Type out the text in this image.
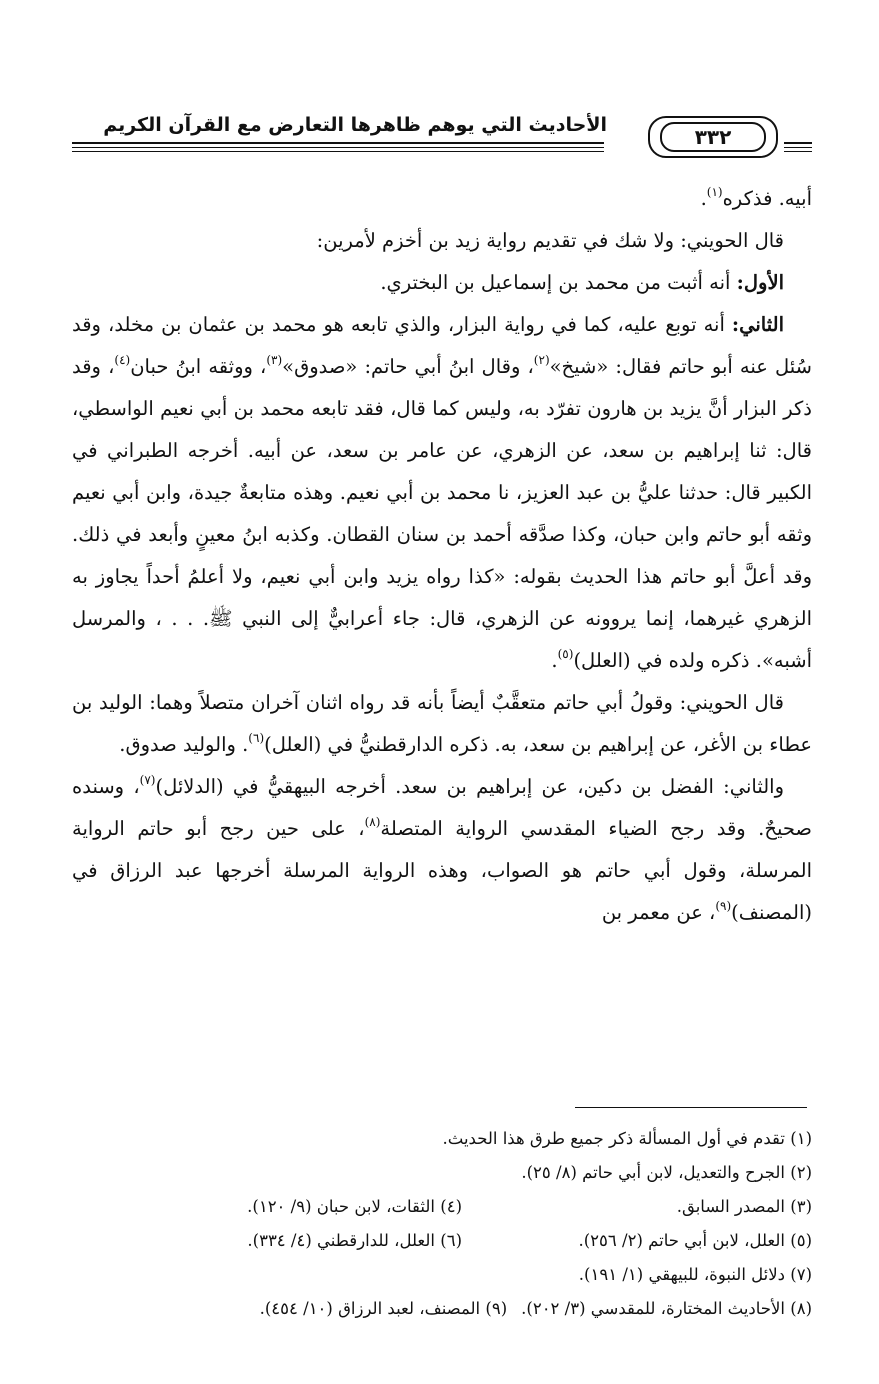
الأحاديث التي يوهم ظاهرها التعارض مع القرآن الكريم	٣٣٢

أبيه. فذكره$^{(١)}$.

قال الحويني: ولا شك في تقديم رواية زيد بن أخزم لأمرين:

الأول: أنه أثبت من محمد بن إسماعيل بن البختري.

الثاني: أنه توبع عليه، كما في رواية البزار، والذي تابعه هو محمد بن عثمان بن مخلد، وقد سُئل عنه أبو حاتم فقال: «شيخ»$^{(٢)}$، وقال ابنُ أبي حاتم: «صدوق»$^{(٣)}$، ووثقه ابنُ حبان$^{(٤)}$، وقد ذكر البزار أنَّ يزيد بن هارون تفرّد به، وليس كما قال، فقد تابعه محمد بن أبي نعيم الواسطي، قال: ثنا إبراهيم بن سعد، عن الزهري، عن عامر بن سعد، عن أبيه. أخرجه الطبراني في الكبير قال: حدثنا عليُّ بن عبد العزيز، نا محمد بن أبي نعيم. وهذه متابعةٌ جيدة، وابن أبي نعيم وثقه أبو حاتم وابن حبان، وكذا صدَّقه أحمد بن سنان القطان. وكذبه ابنُ معينٍ وأبعد في ذلك. وقد أعلَّ أبو حاتم هذا الحديث بقوله: «كذا رواه يزيد وابن أبي نعيم، ولا أعلمُ أحداً يجاوز به الزهري غيرهما، إنما يروونه عن الزهري، قال: جاء أعرابيٌّ إلى النبي ﷺ. . . ، والمرسل أشبه». ذكره ولده في (العلل)$^{(٥)}$.

قال الحويني: وقولُ أبي حاتم متعقَّبٌ أيضاً بأنه قد رواه اثنان آخران متصلاً وهما: الوليد بن عطاء بن الأغر، عن إبراهيم بن سعد، به. ذكره الدارقطنيُّ في (العلل)$^{(٦)}$. والوليد صدوق.

والثاني: الفضل بن دكين، عن إبراهيم بن سعد. أخرجه البيهقيُّ في (الدلائل)$^{(٧)}$، وسنده صحيحٌ. وقد رجح الضياء المقدسي الرواية المتصلة$^{(٨)}$، على حين رجح أبو حاتم الرواية المرسلة، وقول أبي حاتم هو الصواب، وهذه الرواية المرسلة أخرجها عبد الرزاق في (المصنف)$^{(٩)}$، عن معمر بن

(١) تقدم في أول المسألة ذكر جميع طرق هذا الحديث.
(٢) الجرح والتعديل، لابن أبي حاتم (٨/ ٢٥).
(٣) المصدر السابق.
(٤) الثقات، لابن حبان (٩/ ١٢٠).
(٥) العلل، لابن أبي حاتم (٢/ ٢٥٦).
(٦) العلل، للدارقطني (٤/ ٣٣٤).
(٧) دلائل النبوة، للبيهقي (١/ ١٩١).
(٨) الأحاديث المختارة، للمقدسي (٣/ ٢٠٢).
(٩) المصنف، لعبد الرزاق (١٠/ ٤٥٤).
